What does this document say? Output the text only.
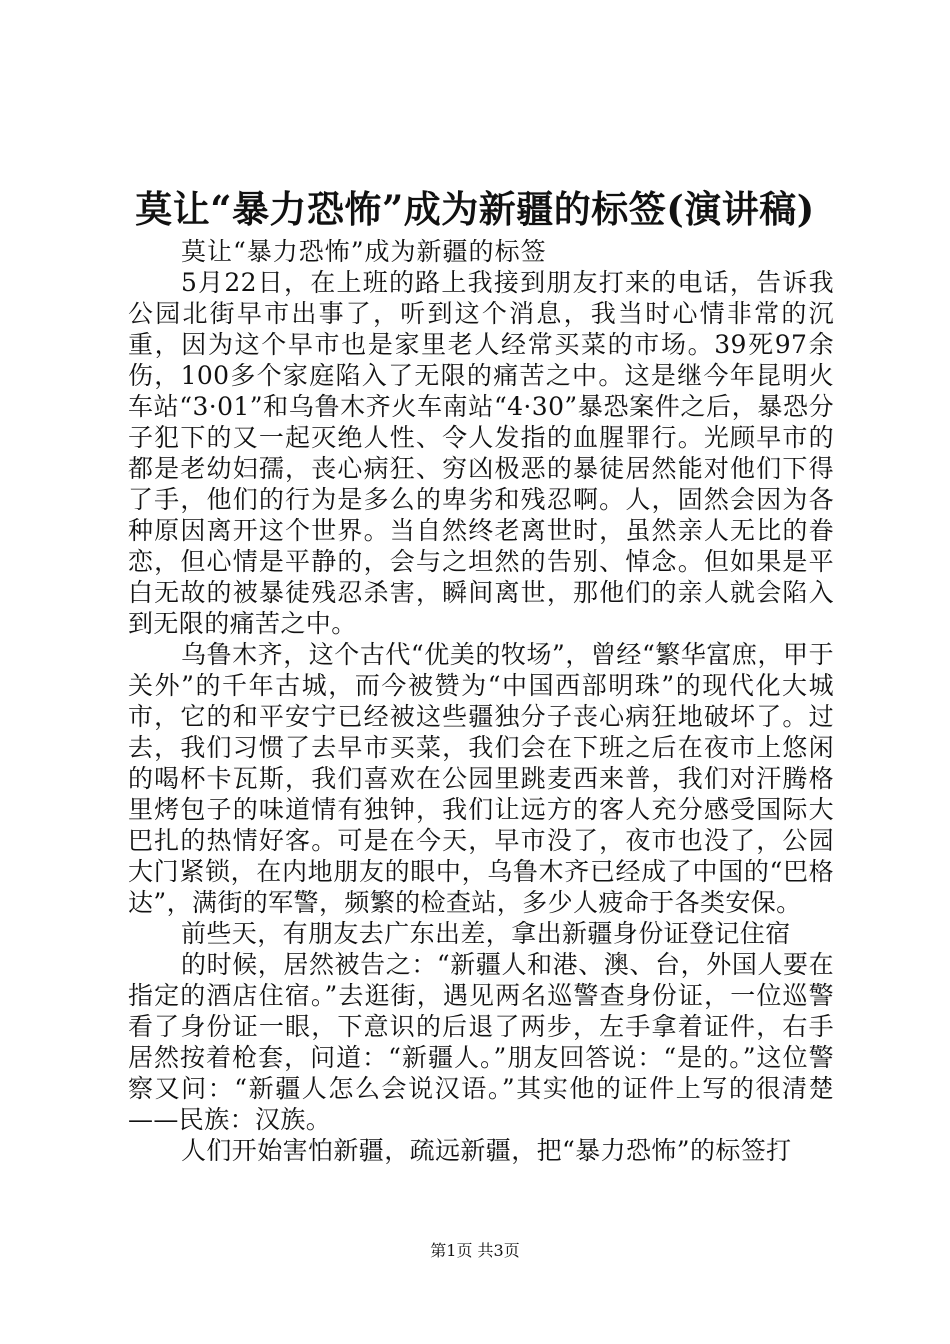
莫让“暴力恐怖”成为新疆的标签(演讲稿)

莫让“暴力恐怖”成为新疆的标签

5月22日，在上班的路上我接到朋友打来的电话，告诉我公园北街早市出事了，听到这个消息，我当时心情非常的沉重，因为这个早市也是家里老人经常买菜的市场。39死97余伤，100多个家庭陷入了无限的痛苦之中。这是继今年昆明火车站“3·01”和乌鲁木齐火车南站“4·30”暴恐案件之后，暴恐分子犯下的又一起灭绝人性、令人发指的血腥罪行。光顾早市的都是老幼妇孺，丧心病狂、穷凶极恶的暴徒居然能对他们下得了手，他们的行为是多么的卑劣和残忍啊。人，固然会因为各种原因离开这个世界。当自然终老离世时，虽然亲人无比的眷恋，但心情是平静的，会与之坦然的告别、悼念。但如果是平白无故的被暴徒残忍杀害，瞬间离世，那他们的亲人就会陷入到无限的痛苦之中。

乌鲁木齐，这个古代“优美的牧场”，曾经“繁华富庶，甲于关外”的千年古城，而今被赞为“中国西部明珠”的现代化大城市，它的和平安宁已经被这些疆独分子丧心病狂地破坏了。过去，我们习惯了去早市买菜，我们会在下班之后在夜市上悠闲的喝杯卡瓦斯，我们喜欢在公园里跳麦西来普，我们对汗腾格里烤包子的味道情有独钟，我们让远方的客人充分感受国际大巴扎的热情好客。可是在今天，早市没了，夜市也没了，公园大门紧锁，在内地朋友的眼中，乌鲁木齐已经成了中国的“巴格达”，满街的军警，频繁的检查站，多少人疲命于各类安保。

前些天，有朋友去广东出差，拿出新疆身份证登记住宿

的时候，居然被告之：“新疆人和港、澳、台，外国人要在指定的酒店住宿。”去逛街，遇见两名巡警查身份证，一位巡警看了身份证一眼，下意识的后退了两步，左手拿着证件，右手居然按着枪套，问道：“新疆人。”朋友回答说：“是的。”这位警察又问：“新疆人怎么会说汉语。”其实他的证件上写的很清楚——民族：汉族。

人们开始害怕新疆，疏远新疆，把“暴力恐怖”的标签打

第1页 共3页
